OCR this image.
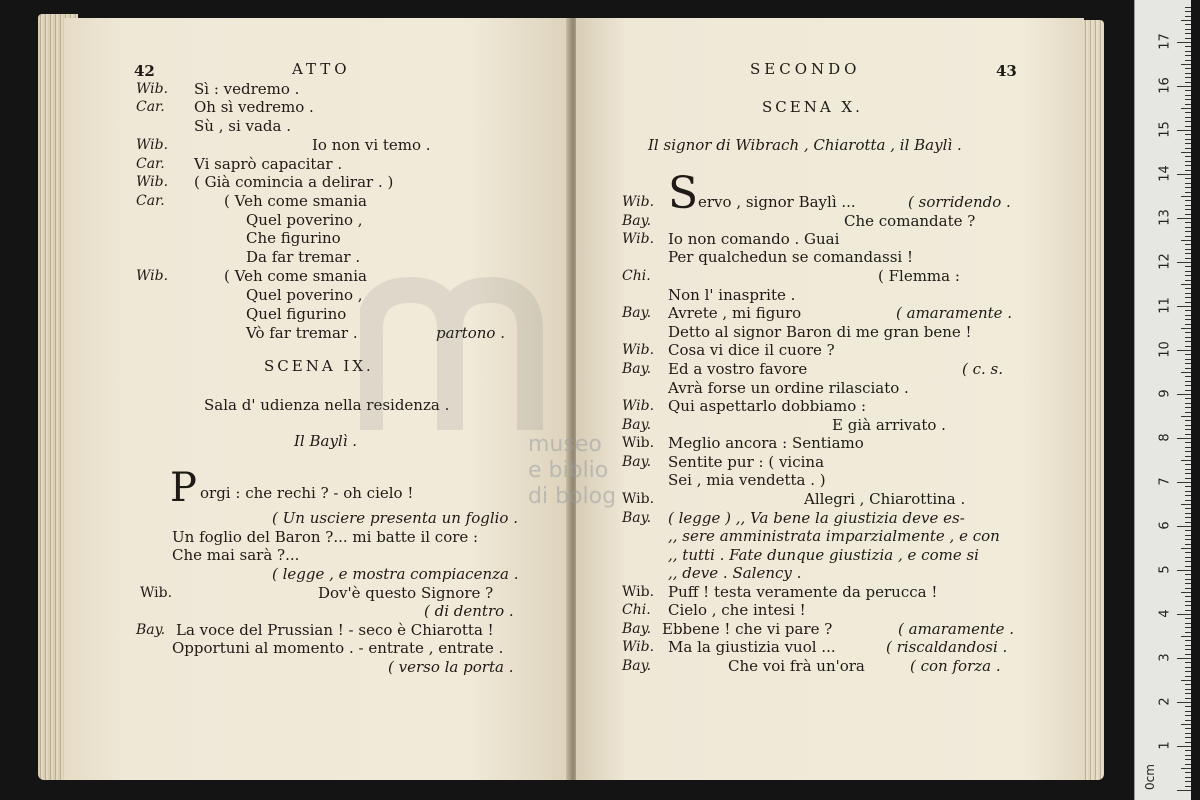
42	ATTO
Wib. Sì : vedremo .
Car. Oh sì vedremo .
Sù , si vada .
Wib.	Io non vi temo .
Car. Vi saprò capacitar .
Wib. ( Già comincia a delirar . )
Car.	( Veh come smania
Quel poverino ,
Che figurino
Da far tremar .
Wib.	( Veh come smania
Quel poverino ,
Quel figurino
Vò far tremar .	partono .
SCENA IX.
Sala d' udienza nella residenza .
Il Baylì .
P orgi : che rechi ? - oh cielo !
( Un usciere presenta un foglio .
Un foglio del Baron ?... mi batte il core :
Che mai sarà ?...
( legge , e mostra compiacenza .
Wib.	Dov'è questo Signore ?
( di dentro .
Bay. La voce del Prussian ! - seco è Chiarotta !
Opportuni al momento . - entrate , entrate .
( verso la porta .
SECONDO	43
SCENA X.
Il signor di Wibrach , Chiarotta , il Baylì .
S
Wib.	ervo , signor Baylì ...	( sorridendo .
Bay.	Che comandate ?
Wib. Io non comando . Guai
Per qualchedun se comandassi !
Chi.	( Flemma :
Non l' inasprite .
Bay. Avrete , mi figuro	( amaramente .
Detto al signor Baron di me gran bene !
Wib. Cosa vi dice il cuore ?
Bay. Ed a vostro favore	( c. s.
Avrà forse un ordine rilasciato .
Wib. Qui aspettarlo dobbiamo :
Bay.	E già arrivato .
Wib. Meglio ancora : Sentiamo
Bay. Sentite pur : ( vicina
Sei , mia vendetta . )
Wib.	Allegri , Chiarottina .
Bay. ( legge ) ,, Va bene la giustizia deve es-
,, sere amministrata imparzialmente , e con
,, tutti . Fate dunque giustizia , e come si
,, deve . Salency .
Wib. Puff ! testa veramente da perucca !
Chi. Cielo , che intesi !
Bay. Ebbene ! che vi pare ?	( amaramente .
Wib. Ma la giustizia vuol ...	( riscaldandosi .
Bay.	Che voi frà un'ora	( con forza .
museo
e biblio
di bolog
0cm
1
2
3
4
5
6
7
8
9
10
11
12
13
14
15
16
17
